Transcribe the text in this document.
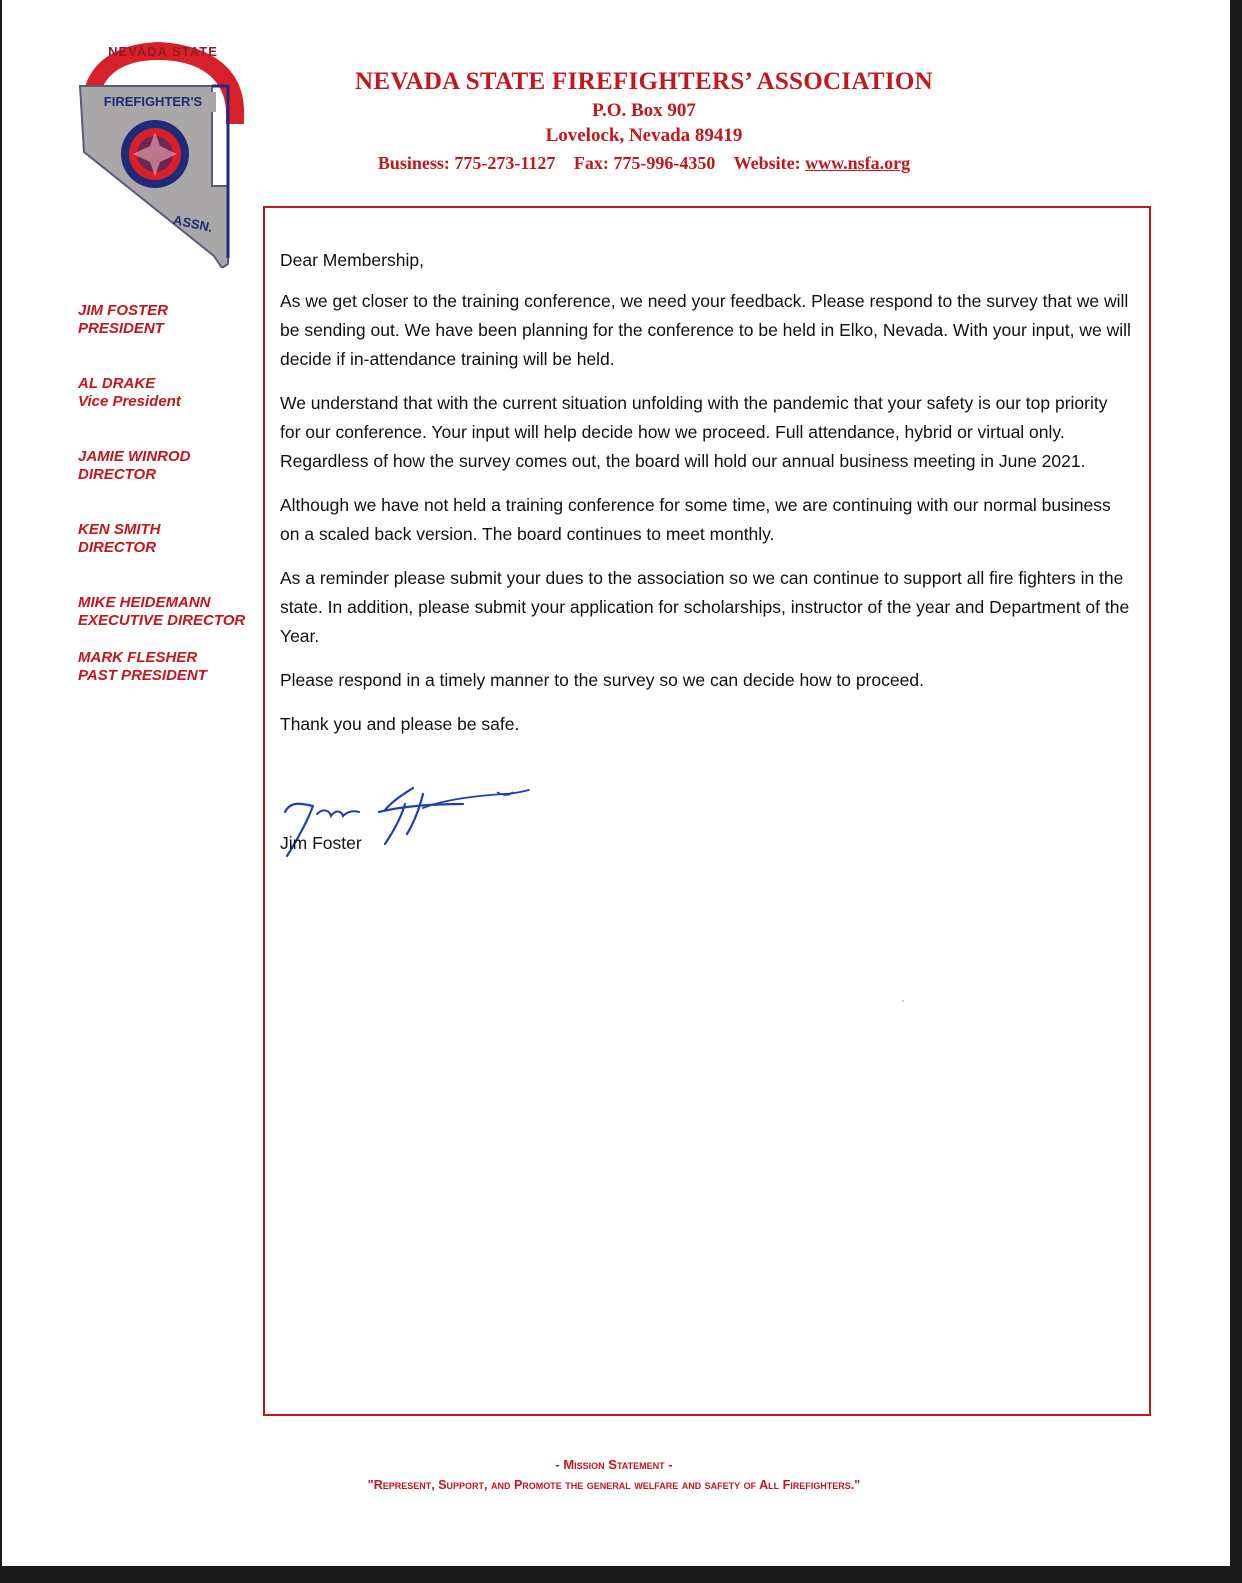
NEVADA STATE
FIREFIGHTER'S
ASSN.
NEVADA STATE FIREFIGHTERS’ ASSOCIATION
P.O. Box 907
Lovelock, Nevada 89419
Business: 775-273-1127 Fax: 775-996-4350 Website: www.nsfa.org
JIM FOSTER
PRESIDENT
AL DRAKE
Vice President
JAMIE WINROD
DIRECTOR
KEN SMITH
DIRECTOR
MIKE HEIDEMANN
EXECUTIVE DIRECTOR
MARK FLESHER
PAST PRESIDENT

Dear Membership,

As we get closer to the training conference, we need your feedback. Please respond to the survey that we will be sending out. We have been planning for the conference to be held in Elko, Nevada. With your input, we will decide if in-attendance training will be held.

We understand that with the current situation unfolding with the pandemic that your safety is our top priority for our conference. Your input will help decide how we proceed. Full attendance, hybrid or virtual only. Regardless of how the survey comes out, the board will hold our annual business meeting in June 2021.

Although we have not held a training conference for some time, we are continuing with our normal business on a scaled back version. The board continues to meet monthly.

As a reminder please submit your dues to the association so we can continue to support all fire fighters in the state. In addition, please submit your application for scholarships, instructor of the year and Department of the Year.

Please respond in a timely manner to the survey so we can decide how to proceed.

Thank you and please be safe.

Jim Foster
- Mission Statement -
"Represent, Support, and Promote the general welfare and safety of All Firefighters."
